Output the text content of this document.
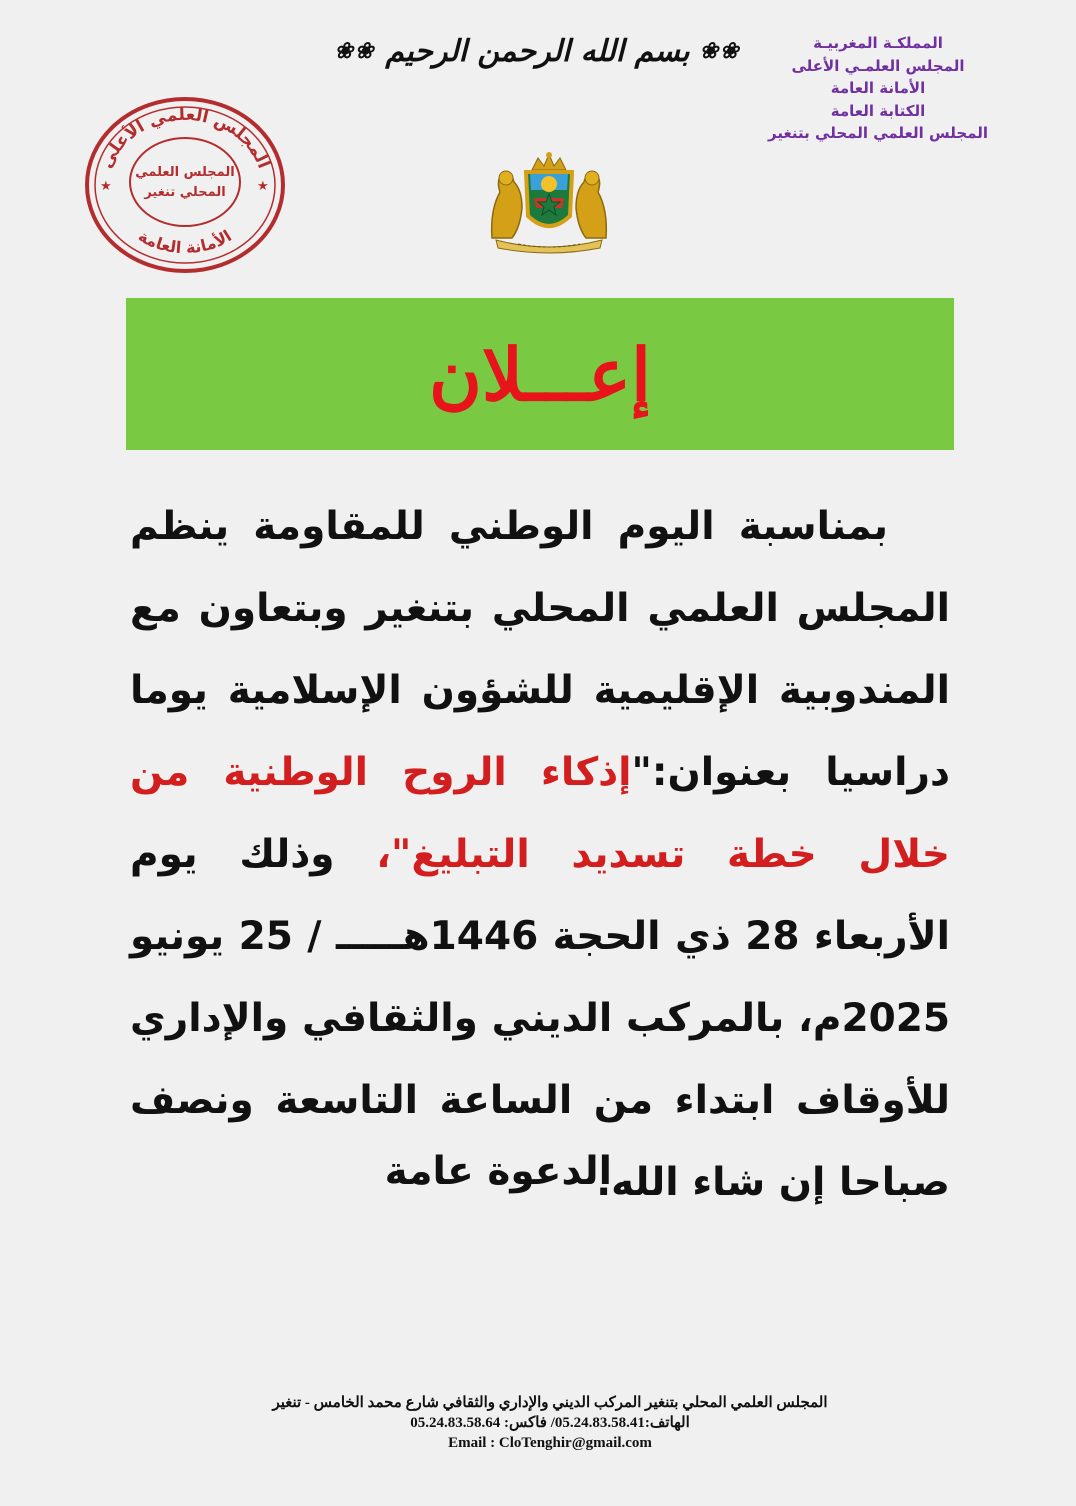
المملكـة المغربيـة
المجلس العلمـي الأعلى
الأمانة العامة
الكتابة العامة
المجلس العلمي المحلي بتنغير
❀❀
بسم الله الرحمن الرحيم
❀❀
المجلس العلمي الأعلى
الأمانة العامة
المجلس العلمي
المحلي تنغير
★	★
إعـــلان
بمناسبة اليوم الوطني للمقاومة ينظم المجلس العلمي المحلي بتنغير وبتعاون مع المندوبية الإقليمية للشؤون الإسلامية يوما دراسيا بعنوان:"إذكاء الروح الوطنية من خلال خطة تسديد التبليغ"، وذلك يوم الأربعاء 28 ذي الحجة 1446هـــــ / 25 يونيو 2025م، بالمركب الديني والثقافي والإداري للأوقاف ابتداء من الساعة التاسعة ونصف صباحا إن شاء الله.
الدعوة عامة
المجلس العلمي المحلي بتنغير المركب الديني والإداري والثقافي شارع محمد الخامس - تنغير
الهاتف:05.24.83.58.41/ فاكس: 05.24.83.58.64
Email : CloTenghir@gmail.com
